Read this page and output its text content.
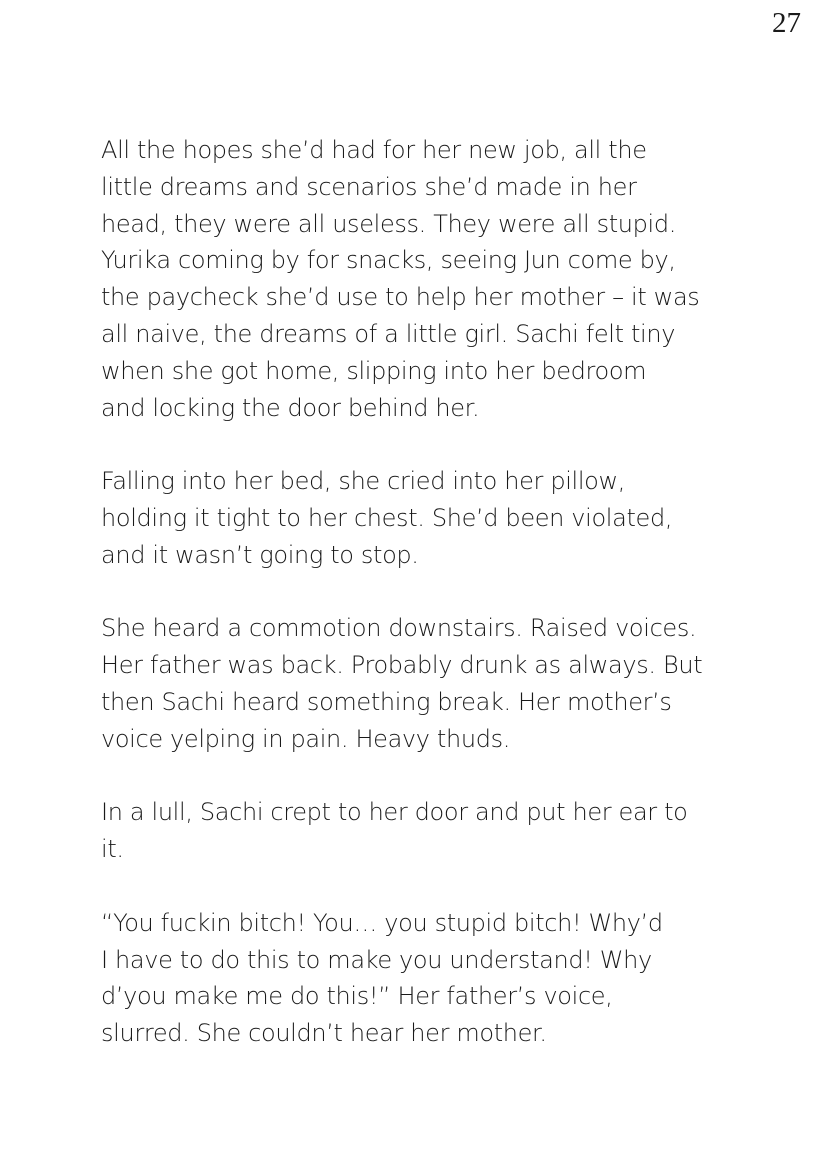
27

All the hopes she’d had for her new job, all the
little dreams and scenarios she’d made in her
head, they were all useless. They were all stupid.
Yurika coming by for snacks, seeing Jun come by,
the paycheck she’d use to help her mother – it was
all naive, the dreams of a little girl. Sachi felt tiny
when she got home, slipping into her bedroom
and locking the door behind her.

Falling into her bed, she cried into her pillow,
holding it tight to her chest. She’d been violated,
and it wasn’t going to stop.

She heard a commotion downstairs. Raised voices.
Her father was back. Probably drunk as always. But
then Sachi heard something break. Her mother’s
voice yelping in pain. Heavy thuds.

In a lull, Sachi crept to her door and put her ear to
it.

“You fuckin bitch! You… you stupid bitch! Why’d
I have to do this to make you understand! Why
d’you make me do this!” Her father’s voice,
slurred. She couldn’t hear her mother.
